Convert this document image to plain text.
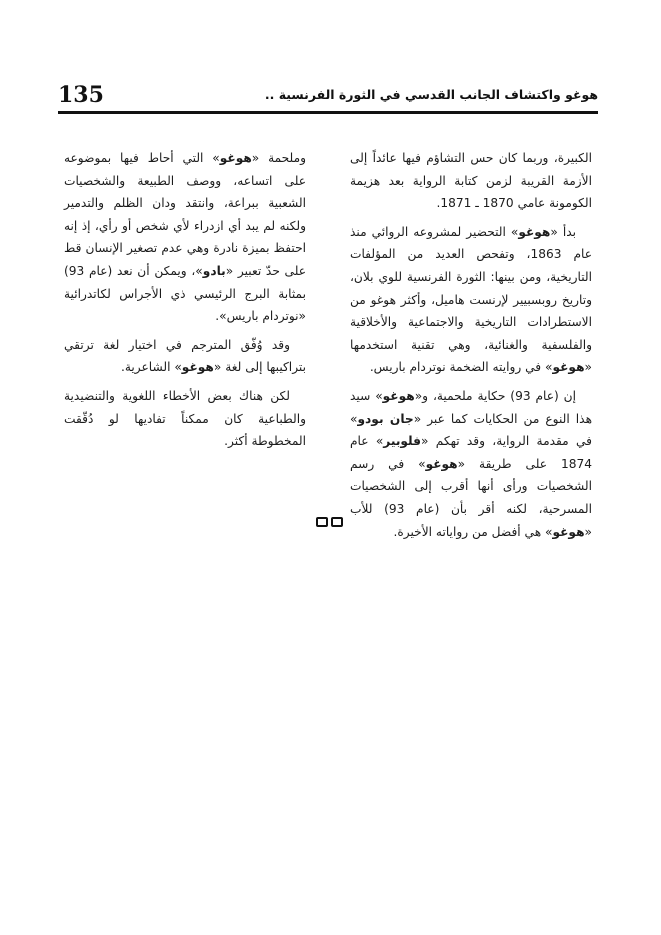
135	هوغو واكتشاف الجانب القدسي في الثورة الفرنسية ..

الكبيرة، وربما كان حس التشاؤم فيها عائداً إلى الأزمة القريبة لزمن كتابة الرواية بعد هزيمة الكومونة عامي 1870 ـ 1871.

بدأ «هوغو» التحضير لمشروعه الروائي منذ عام 1863، وتفحص العديد من المؤلفات التاريخية، ومن بينها: الثورة الفرنسية للوي بلان، وتاريخ روبسبيير لإرنست هاميل، وأكثر هوغو من الاستطرادات التاريخية والاجتماعية والأخلاقية والفلسفية والغنائية، وهي تقنية استخدمها «هوغو» في روايته الضخمة نوتردام باريس.

إن (عام 93) حكاية ملحمية، و«هوغو» سيد هذا النوع من الحكايات كما عبر «جان بودو» في مقدمة الرواية، وقد تهكم «فلوبير» عام 1874 على طريقة «هوغو» في رسم الشخصيات ورأى أنها أقرب إلى الشخصيات المسرحية، لكنه أقر بأن (عام 93) للأب «هوغو» هي أفضل من رواياته الأخيرة.

وملحمة «هوغو» التي أحاط فيها بموضوعه على اتساعه، ووصف الطبيعة والشخصيات الشعبية ببراعة، وانتقد ودان الظلم والتدمير ولكنه لم يبد أي ازدراء لأي شخص أو رأي، إذ إنه احتفظ بميزة نادرة وهي عدم تصغير الإنسان قط على حدّ تعبير «بادو»، ويمكن أن نعد (عام 93) بمثابة البرج الرئيسي ذي الأجراس لكاتدرائية «نوتردام باريس».

وقد وُفّق المترجم في اختيار لغة ترتقي بتراكيبها إلى لغة «هوغو» الشاعرية.

لكن هناك بعض الأخطاء اللغوية والتنضيدية والطباعية كان ممكناً تفاديها لو دُقّقت المخطوطة أكثر.
